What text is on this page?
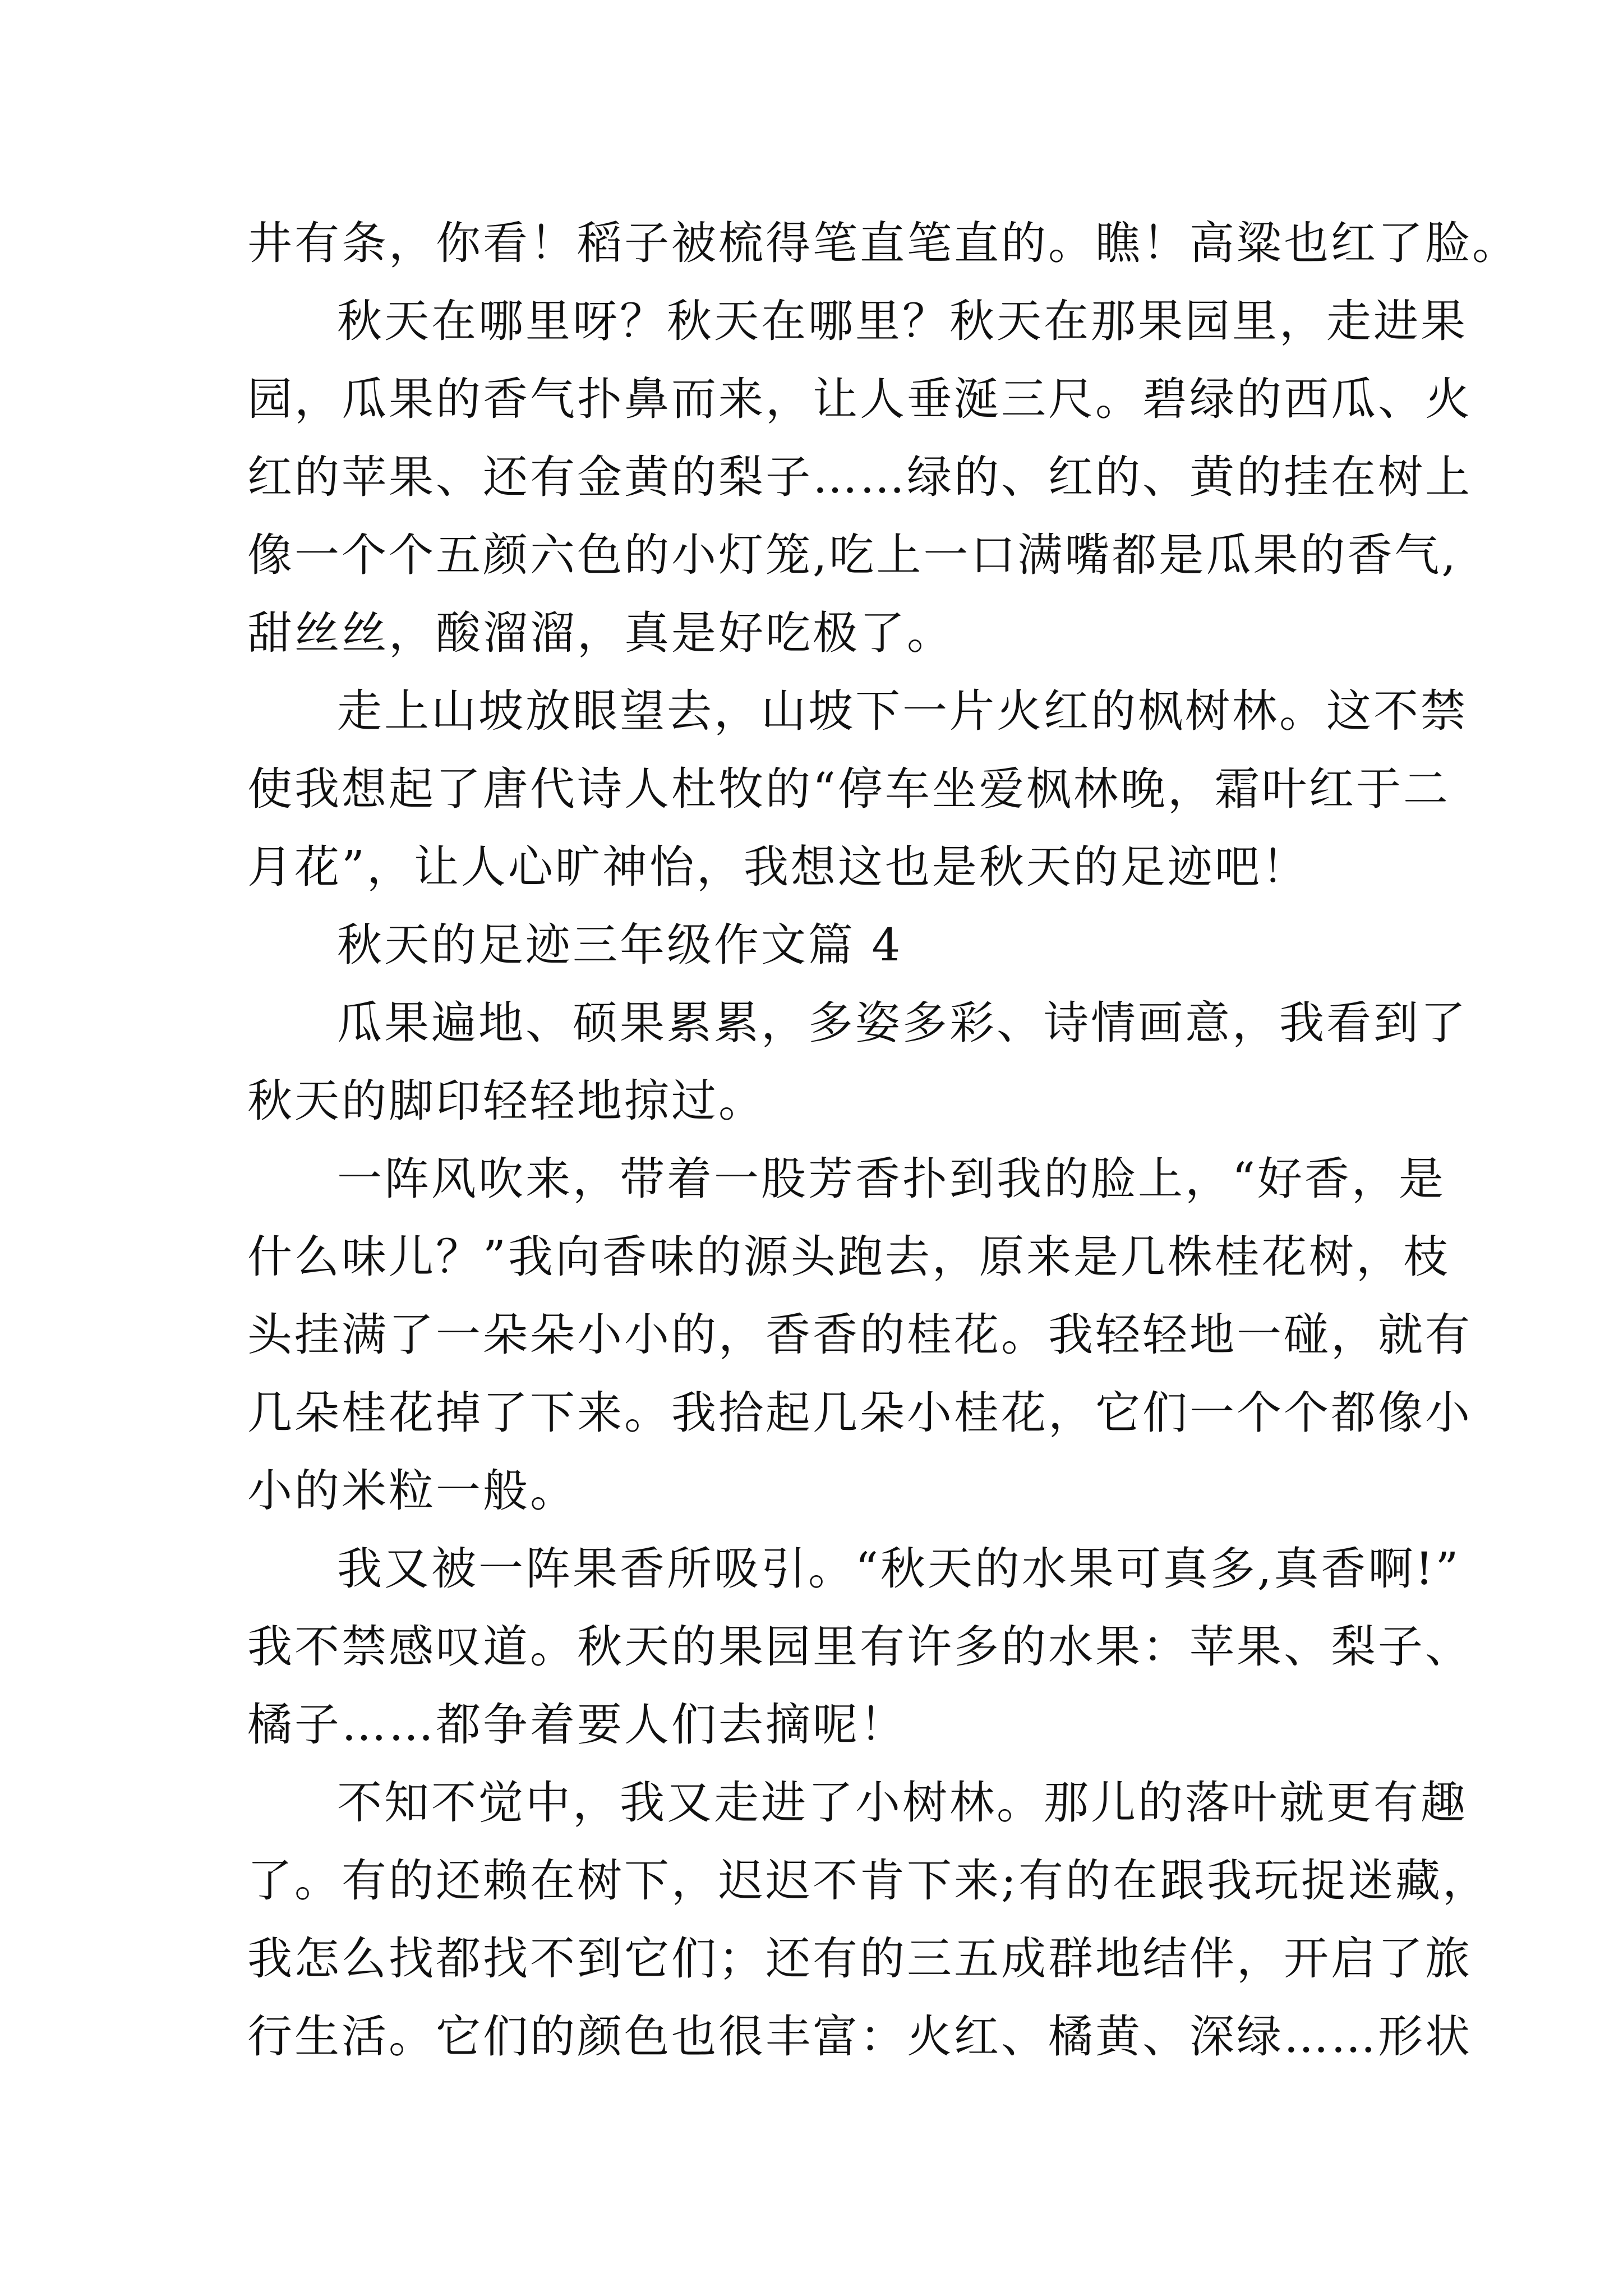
井有条，你看！稻子被梳得笔直笔直的。瞧！高粱也红了脸。
秋天在哪里呀？秋天在哪里？秋天在那果园里，走进果
园，瓜果的香气扑鼻而来，让人垂涎三尺。碧绿的西瓜、火
红的苹果、还有金黄的梨子……绿的、红的、黄的挂在树上
像一个个五颜六色的小灯笼,吃上一口满嘴都是瓜果的香气,
甜丝丝，酸溜溜，真是好吃极了。
走上山坡放眼望去，山坡下一片火红的枫树林。这不禁
使我想起了唐代诗人杜牧的“停车坐爱枫林晚，霜叶红于二
月花”，让人心旷神怡，我想这也是秋天的足迹吧！
秋天的足迹三年级作文篇 4
瓜果遍地、硕果累累，多姿多彩、诗情画意，我看到了
秋天的脚印轻轻地掠过。
一阵风吹来，带着一股芳香扑到我的脸上，“好香，是
什么味儿？”我向香味的源头跑去，原来是几株桂花树，枝
头挂满了一朵朵小小的，香香的桂花。我轻轻地一碰，就有
几朵桂花掉了下来。我拾起几朵小桂花，它们一个个都像小
小的米粒一般。
我又被一阵果香所吸引。“秋天的水果可真多,真香啊!”
我不禁感叹道。秋天的果园里有许多的水果：苹果、梨子、
橘子……都争着要人们去摘呢！
不知不觉中，我又走进了小树林。那儿的落叶就更有趣
了。有的还赖在树下，迟迟不肯下来;有的在跟我玩捉迷藏，
我怎么找都找不到它们；还有的三五成群地结伴，开启了旅
行生活。它们的颜色也很丰富：火红、橘黄、深绿……形状
